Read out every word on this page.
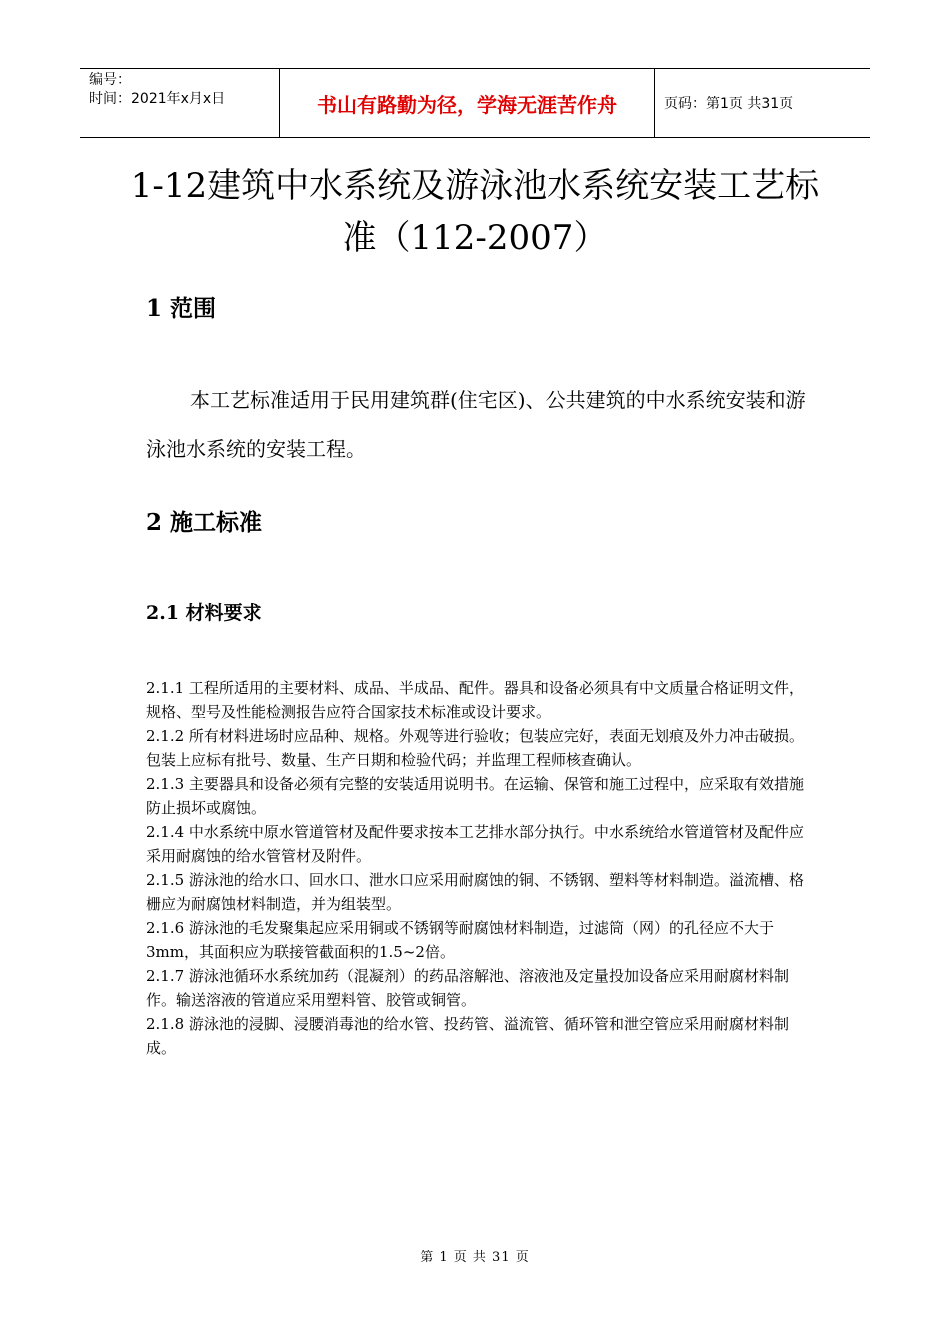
编号：
时间：2021年x月x日	书山有路勤为径，学海无涯苦作舟	页码：第1页 共31页
1-12建筑中水系统及游泳池水系统安装工艺标准（112-2007）
1 范围
本工艺标准适用于民用建筑群(住宅区)、公共建筑的中水系统安装和游泳池水系统的安装工程。
2 施工标准
2.1 材料要求
2.1.1 工程所适用的主要材料、成品、半成品、配件。器具和设备必须具有中文质量合格证明文件，规格、型号及性能检测报告应符合国家技术标准或设计要求。
2.1.2 所有材料进场时应品种、规格。外观等进行验收；包装应完好，表面无划痕及外力冲击破损。包装上应标有批号、数量、生产日期和检验代码；并监理工程师核查确认。
2.1.3 主要器具和设备必须有完整的安装适用说明书。在运输、保管和施工过程中，应采取有效措施防止损坏或腐蚀。
2.1.4 中水系统中原水管道管材及配件要求按本工艺排水部分执行。中水系统给水管道管材及配件应采用耐腐蚀的给水管管材及附件。
2.1.5 游泳池的给水口、回水口、泄水口应采用耐腐蚀的铜、不锈钢、塑料等材料制造。溢流槽、格栅应为耐腐蚀材料制造，并为组装型。
2.1.6 游泳池的毛发聚集起应采用铜或不锈钢等耐腐蚀材料制造，过滤筒（网）的孔径应不大于3mm，其面积应为联接管截面积的1.5~2倍。
2.1.7 游泳池循环水系统加药（混凝剂）的药品溶解池、溶液池及定量投加设备应采用耐腐材料制作。输送溶液的管道应采用塑料管、胶管或铜管。
2.1.8 游泳池的浸脚、浸腰消毒池的给水管、投药管、溢流管、循环管和泄空管应采用耐腐材料制成。
第 1 页 共 31 页
